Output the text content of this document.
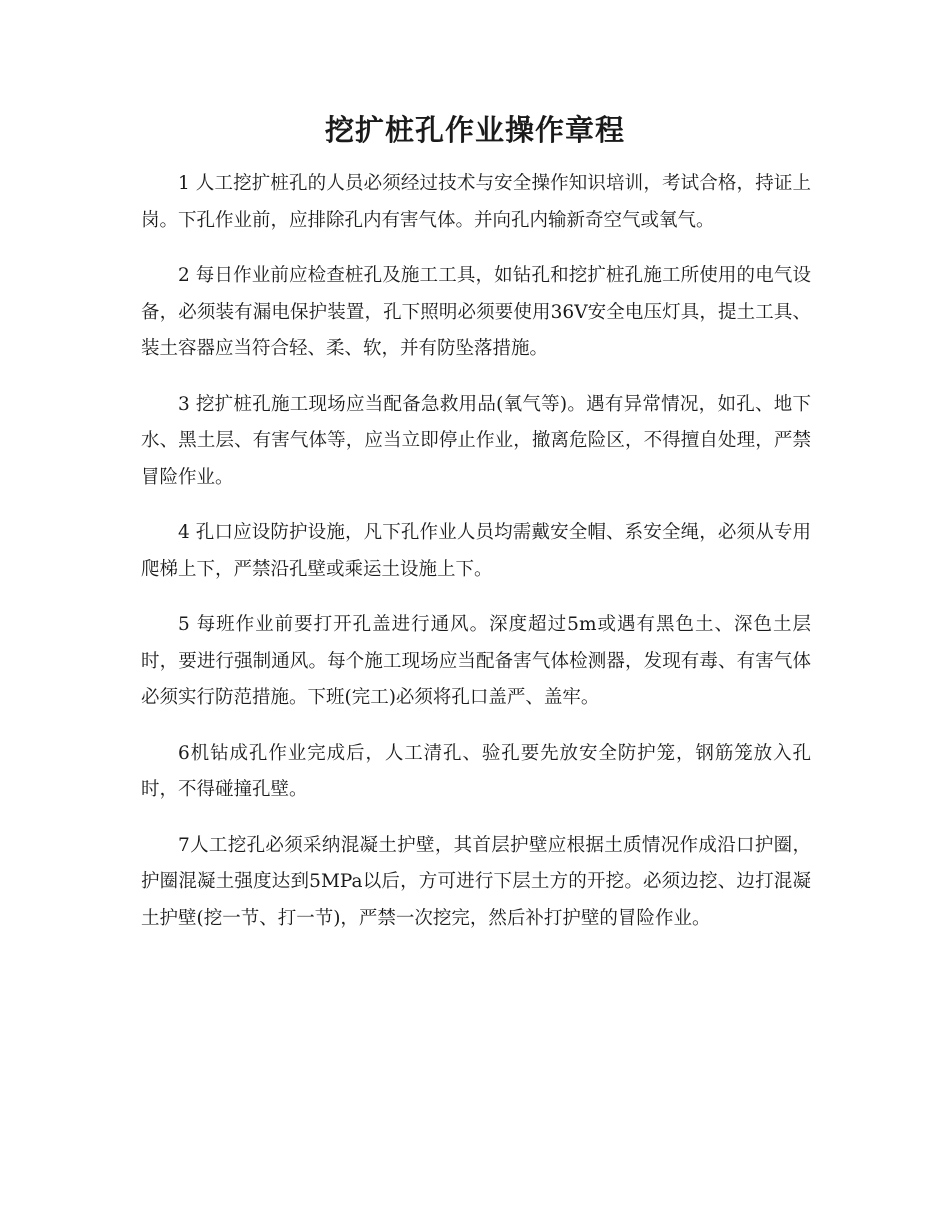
挖扩桩孔作业操作章程

1 人工挖扩桩孔的人员必须经过技术与安全操作知识培训，考试合格，持证上岗。下孔作业前，应排除孔内有害气体。并向孔内输新奇空气或氧气。

2 每日作业前应检查桩孔及施工工具，如钻孔和挖扩桩孔施工所使用的电气设备，必须装有漏电保护装置，孔下照明必须要使用36V安全电压灯具，提土工具、装土容器应当符合轻、柔、软，并有防坠落措施。

3 挖扩桩孔施工现场应当配备急救用品(氧气等)。遇有异常情况，如孔、地下水、黑土层、有害气体等，应当立即停止作业，撤离危险区，不得擅自处理，严禁冒险作业。

4 孔口应设防护设施，凡下孔作业人员均需戴安全帽、系安全绳，必须从专用爬梯上下，严禁沿孔壁或乘运土设施上下。

5 每班作业前要打开孔盖进行通风。深度超过5m或遇有黑色土、深色土层时，要进行强制通风。每个施工现场应当配备害气体检测器，发现有毒、有害气体必须实行防范措施。下班(完工)必须将孔口盖严、盖牢。

6机钻成孔作业完成后，人工清孔、验孔要先放安全防护笼，钢筋笼放入孔时，不得碰撞孔壁。

7人工挖孔必须采纳混凝土护壁，其首层护壁应根据土质情况作成沿口护圈，护圈混凝土强度达到5MPa以后，方可进行下层土方的开挖。必须边挖、边打混凝土护壁(挖一节、打一节)，严禁一次挖完，然后补打护壁的冒险作业。
